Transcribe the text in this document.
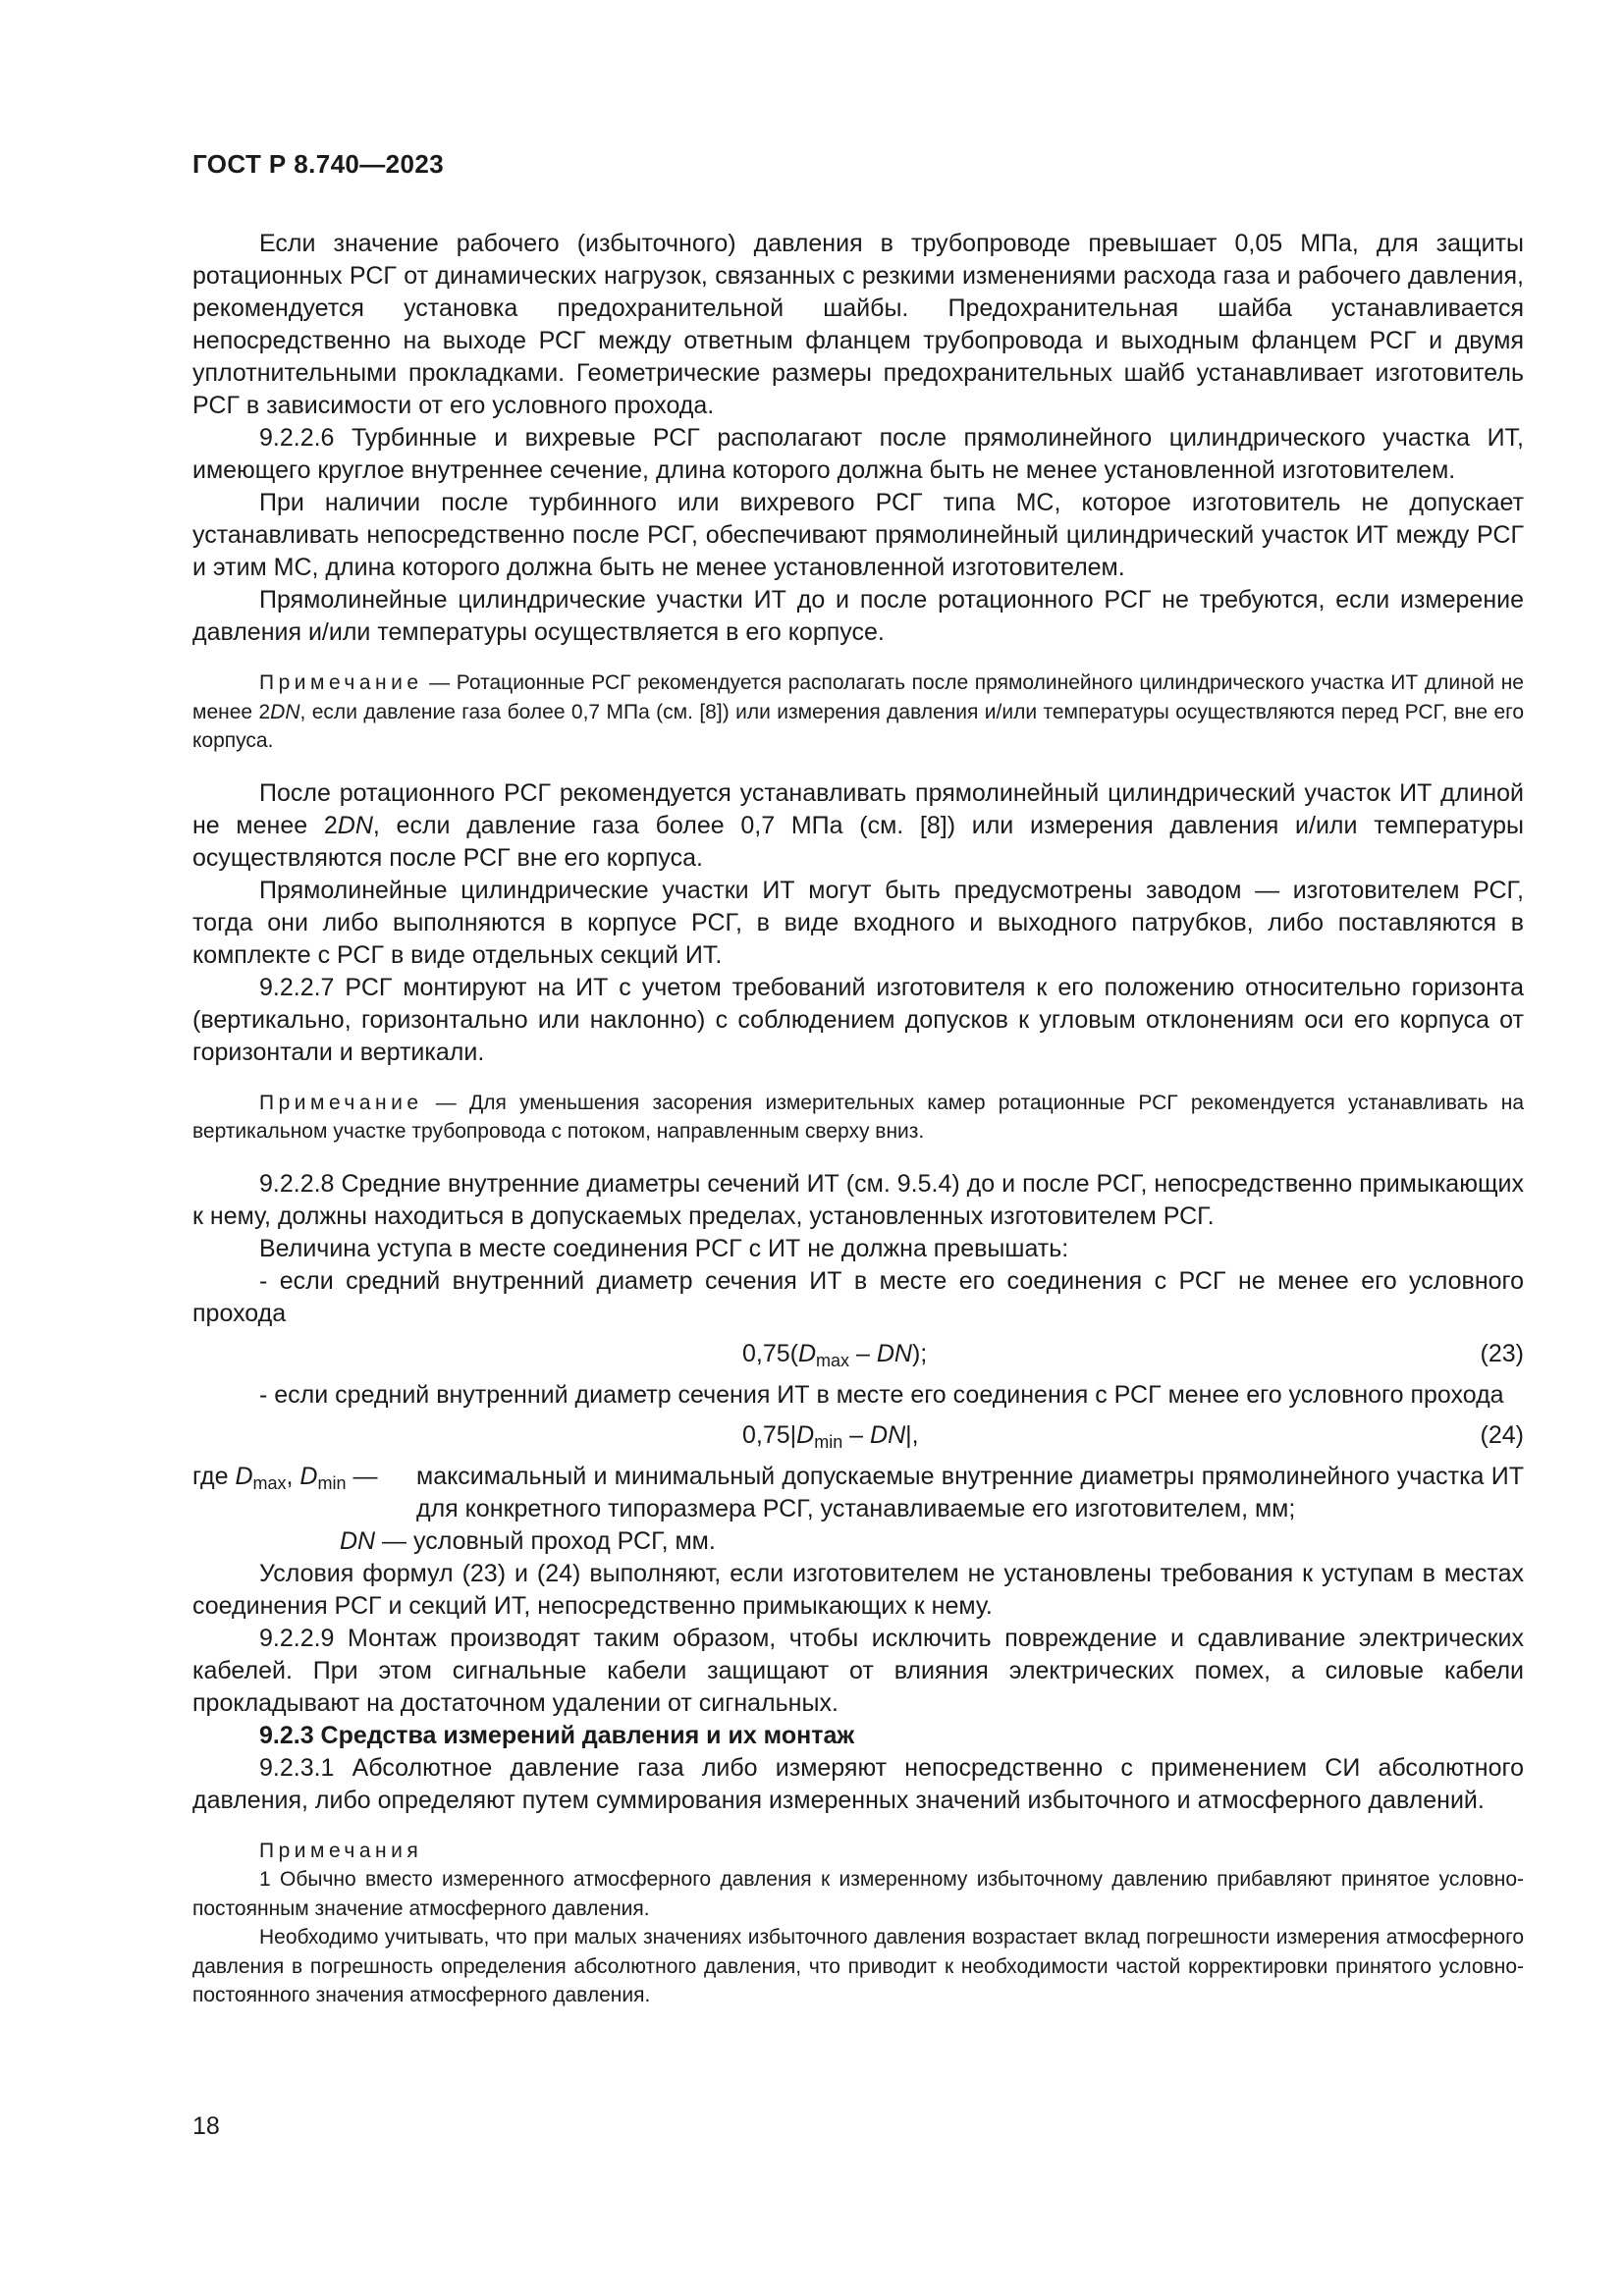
ГОСТ Р 8.740—2023

Если значение рабочего (избыточного) давления в трубопроводе превышает 0,05 МПа, для защиты ротационных РСГ от динамических нагрузок, связанных с резкими изменениями расхода газа и рабочего давления, рекомендуется установка предохранительной шайбы. Предохранительная шайба устанавливается непосредственно на выходе РСГ между ответным фланцем трубопровода и выходным фланцем РСГ и двумя уплотнительными прокладками. Геометрические размеры предохранительных шайб устанавливает изготовитель РСГ в зависимости от его условного прохода.

9.2.2.6 Турбинные и вихревые РСГ располагают после прямолинейного цилиндрического участка ИТ, имеющего круглое внутреннее сечение, длина которого должна быть не менее установленной изготовителем.

При наличии после турбинного или вихревого РСГ типа МС, которое изготовитель не допускает устанавливать непосредственно после РСГ, обеспечивают прямолинейный цилиндрический участок ИТ между РСГ и этим МС, длина которого должна быть не менее установленной изготовителем.

Прямолинейные цилиндрические участки ИТ до и после ротационного РСГ не требуются, если измерение давления и/или температуры осуществляется в его корпусе.

Примечание — Ротационные РСГ рекомендуется располагать после прямолинейного цилиндрического участка ИТ длиной не менее 2DN, если давление газа более 0,7 МПа (см. [8]) или измерения давления и/или температуры осуществляются перед РСГ, вне его корпуса.

После ротационного РСГ рекомендуется устанавливать прямолинейный цилиндрический участок ИТ длиной не менее 2DN, если давление газа более 0,7 МПа (см. [8]) или измерения давления и/или температуры осуществляются после РСГ вне его корпуса.

Прямолинейные цилиндрические участки ИТ могут быть предусмотрены заводом — изготовителем РСГ, тогда они либо выполняются в корпусе РСГ, в виде входного и выходного патрубков, либо поставляются в комплекте с РСГ в виде отдельных секций ИТ.

9.2.2.7 РСГ монтируют на ИТ с учетом требований изготовителя к его положению относительно горизонта (вертикально, горизонтально или наклонно) с соблюдением допусков к угловым отклонениям оси его корпуса от горизонтали и вертикали.

Примечание — Для уменьшения засорения измерительных камер ротационные РСГ рекомендуется устанавливать на вертикальном участке трубопровода с потоком, направленным сверху вниз.

9.2.2.8 Средние внутренние диаметры сечений ИТ (см. 9.5.4) до и после РСГ, непосредственно примыкающих к нему, должны находиться в допускаемых пределах, установленных изготовителем РСГ.

Величина уступа в месте соединения РСГ с ИТ не должна превышать:

- если средний внутренний диаметр сечения ИТ в месте его соединения с РСГ не менее его условного прохода

$0,75(D_{max} - DN)$;	(23)

- если средний внутренний диаметр сечения ИТ в месте его соединения с РСГ менее его условного прохода

$0,75|D_{min} - DN|$,	(24)
где $D_{max}$, $D_{min}$ — максимальный и минимальный допускаемые внутренние диаметры прямолинейного участка ИТ для конкретного типоразмера РСГ, устанавливаемые его изготовителем, мм;
DN — условный проход РСГ, мм.

Условия формул (23) и (24) выполняют, если изготовителем не установлены требования к уступам в местах соединения РСГ и секций ИТ, непосредственно примыкающих к нему.

9.2.2.9 Монтаж производят таким образом, чтобы исключить повреждение и сдавливание электрических кабелей. При этом сигнальные кабели защищают от влияния электрических помех, а силовые кабели прокладывают на достаточном удалении от сигнальных.

9.2.3 Средства измерений давления и их монтаж

9.2.3.1 Абсолютное давление газа либо измеряют непосредственно с применением СИ абсолютного давления, либо определяют путем суммирования измеренных значений избыточного и атмосферного давлений.

Примечания

1 Обычно вместо измеренного атмосферного давления к измеренному избыточному давлению прибавляют принятое условно-постоянным значение атмосферного давления.

Необходимо учитывать, что при малых значениях избыточного давления возрастает вклад погрешности измерения атмосферного давления в погрешность определения абсолютного давления, что приводит к необходимости частой корректировки принятого условно-постоянного значения атмосферного давления.

18
